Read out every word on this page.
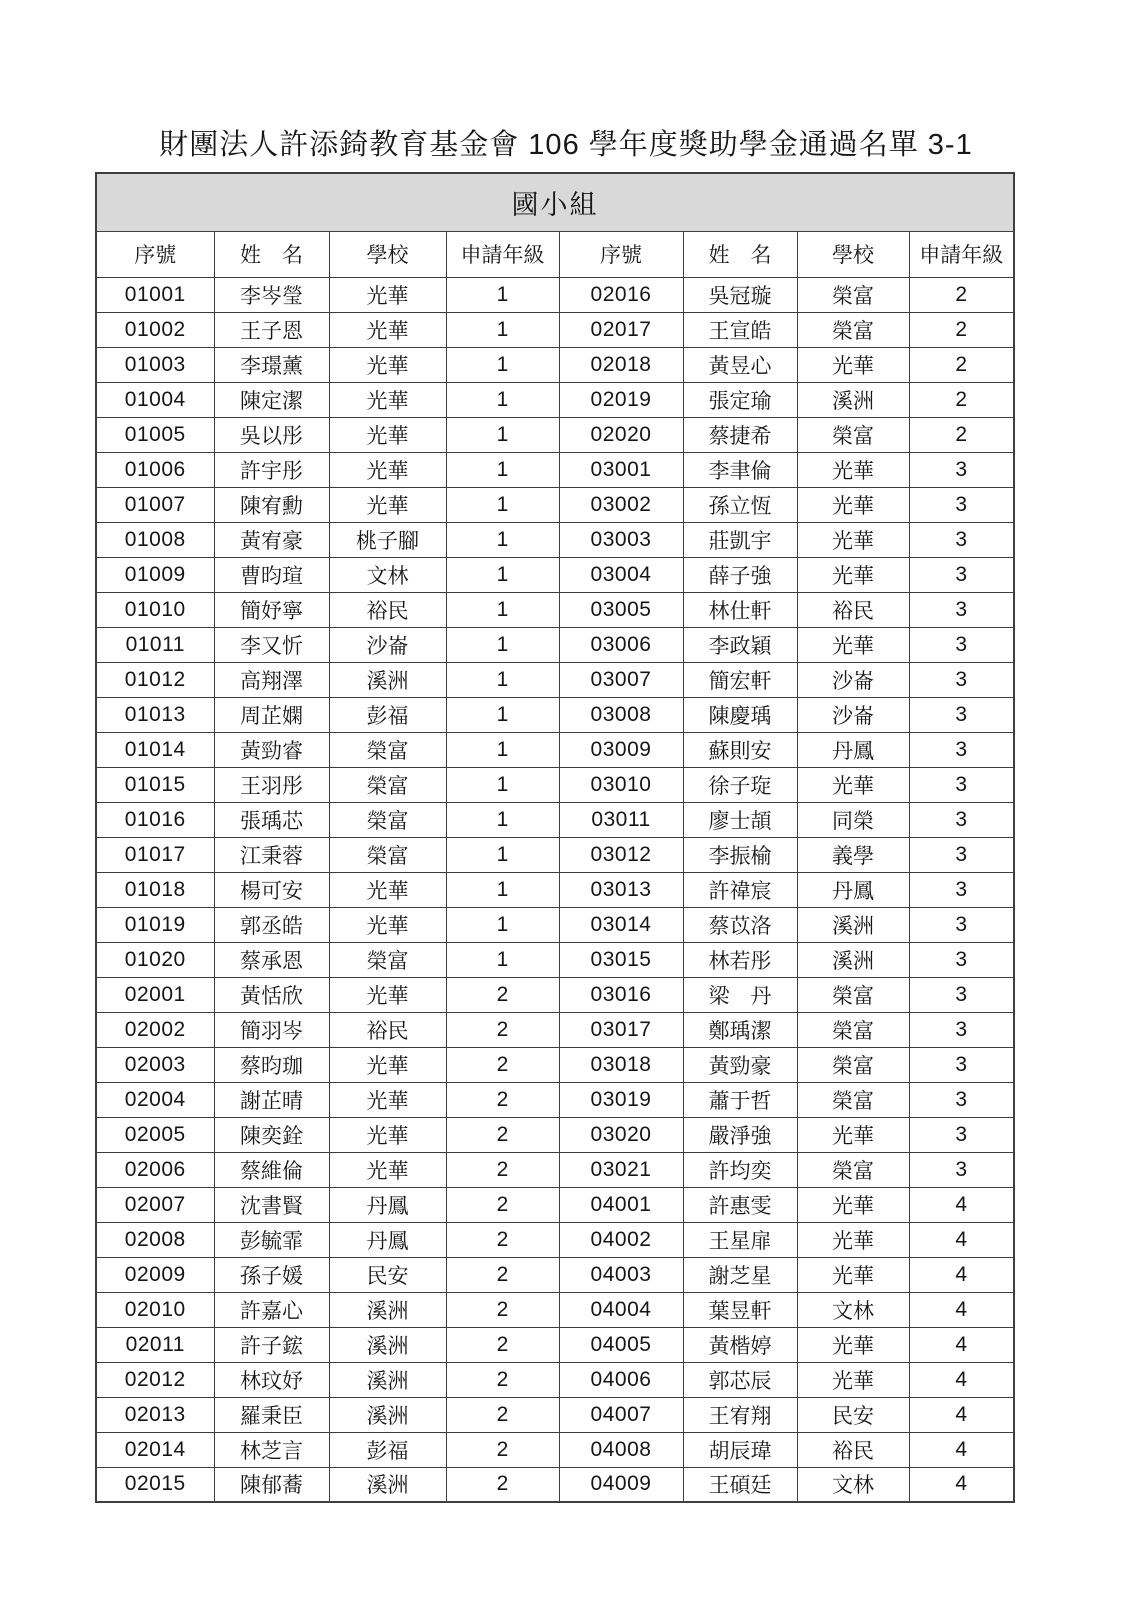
財團法人許添錡教育基金會 106 學年度獎助學金通過名單 3-1
國小組							
序號	姓　名	學校	申請年級	序號	姓　名	學校	申請年級
01001	李岑瑩	光華	1	02016	吳冠璇	榮富	2
01002	王子恩	光華	1	02017	王宣皓	榮富	2
01003	李璟薰	光華	1	02018	黃昱心	光華	2
01004	陳定潔	光華	1	02019	張定瑜	溪洲	2
01005	吳以彤	光華	1	02020	蔡捷希	榮富	2
01006	許宇彤	光華	1	03001	李聿倫	光華	3
01007	陳宥勳	光華	1	03002	孫立恆	光華	3
01008	黃宥豪	桃子腳	1	03003	莊凱宇	光華	3
01009	曹昀瑄	文林	1	03004	薛子強	光華	3
01010	簡妤寧	裕民	1	03005	林仕軒	裕民	3
01011	李又忻	沙崙	1	03006	李政穎	光華	3
01012	高翔澤	溪洲	1	03007	簡宏軒	沙崙	3
01013	周芷嫻	彭福	1	03008	陳慶瑀	沙崙	3
01014	黃勁睿	榮富	1	03009	蘇則安	丹鳳	3
01015	王羽彤	榮富	1	03010	徐子琁	光華	3
01016	張瑀芯	榮富	1	03011	廖士頡	同榮	3
01017	江秉蓉	榮富	1	03012	李振榆	義學	3
01018	楊可安	光華	1	03013	許禕宸	丹鳳	3
01019	郭丞皓	光華	1	03014	蔡苡洛	溪洲	3
01020	蔡承恩	榮富	1	03015	林若彤	溪洲	3
02001	黃恬欣	光華	2	03016	梁　丹	榮富	3
02002	簡羽岑	裕民	2	03017	鄭瑀潔	榮富	3
02003	蔡昀珈	光華	2	03018	黃勁豪	榮富	3
02004	謝芷晴	光華	2	03019	蕭于哲	榮富	3
02005	陳奕銓	光華	2	03020	嚴淨強	光華	3
02006	蔡維倫	光華	2	03021	許均奕	榮富	3
02007	沈書賢	丹鳳	2	04001	許惠雯	光華	4
02008	彭毓霏	丹鳳	2	04002	王星扉	光華	4
02009	孫子媛	民安	2	04003	謝芝星	光華	4
02010	許嘉心	溪洲	2	04004	葉昱軒	文林	4
02011	許子鋐	溪洲	2	04005	黃楷婷	光華	4
02012	林玟妤	溪洲	2	04006	郭芯辰	光華	4
02013	羅秉臣	溪洲	2	04007	王宥翔	民安	4
02014	林芝言	彭福	2	04008	胡辰瑋	裕民	4
02015	陳郁蕎	溪洲	2	04009	王碩廷	文林	4
